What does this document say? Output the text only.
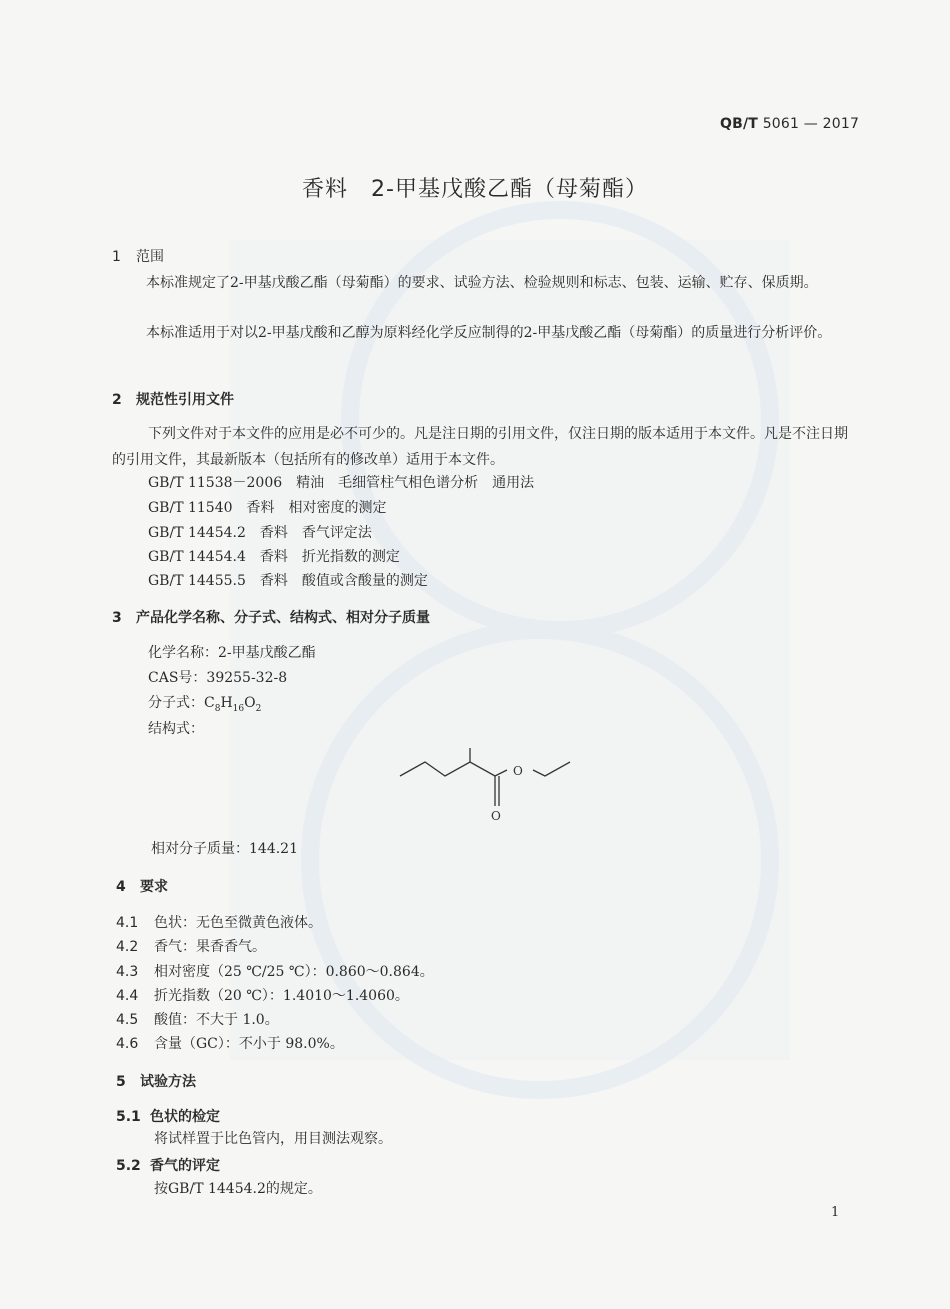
QB/T 5061 — 2017
香料　2-甲基戊酸乙酯（母菊酯）
1 范围
本标准规定了2-甲基戊酸乙酯（母菊酯）的要求、试验方法、检验规则和标志、包装、运输、贮存、保质期。
本标准适用于对以2-甲基戊酸和乙醇为原料经化学反应制得的2-甲基戊酸乙酯（母菊酯）的质量进行分析评价。
2 规范性引用文件
下列文件对于本文件的应用是必不可少的。凡是注日期的引用文件，仅注日期的版本适用于本文件。凡是不注日期的引用文件，其最新版本（包括所有的修改单）适用于本文件。
GB/T 11538－2006　精油　毛细管柱气相色谱分析　通用法
GB/T 11540　香料　相对密度的测定
GB/T 14454.2　香料　香气评定法
GB/T 14454.4　香料　折光指数的测定
GB/T 14455.5　香料　酸值或含酸量的测定
3 产品化学名称、分子式、结构式、相对分子质量
化学名称：2-甲基戊酸乙酯
CAS号：39255-32-8
分子式：$C_8H_{16}O_2$
结构式：
O
O
相对分子质量：144.21
4 要求
4.1 色状：无色至微黄色液体。
4.2 香气：果香香气。
4.3 相对密度（25 ℃/25 ℃）：0.860～0.864。
4.4 折光指数（20 ℃）：1.4010～1.4060。
4.5 酸值：不大于 1.0。
4.6 含量（GC）：不小于 98.0%。
5 试验方法
5.1 色状的检定
将试样置于比色管内，用目测法观察。
5.2 香气的评定
按GB/T 14454.2的规定。
1
